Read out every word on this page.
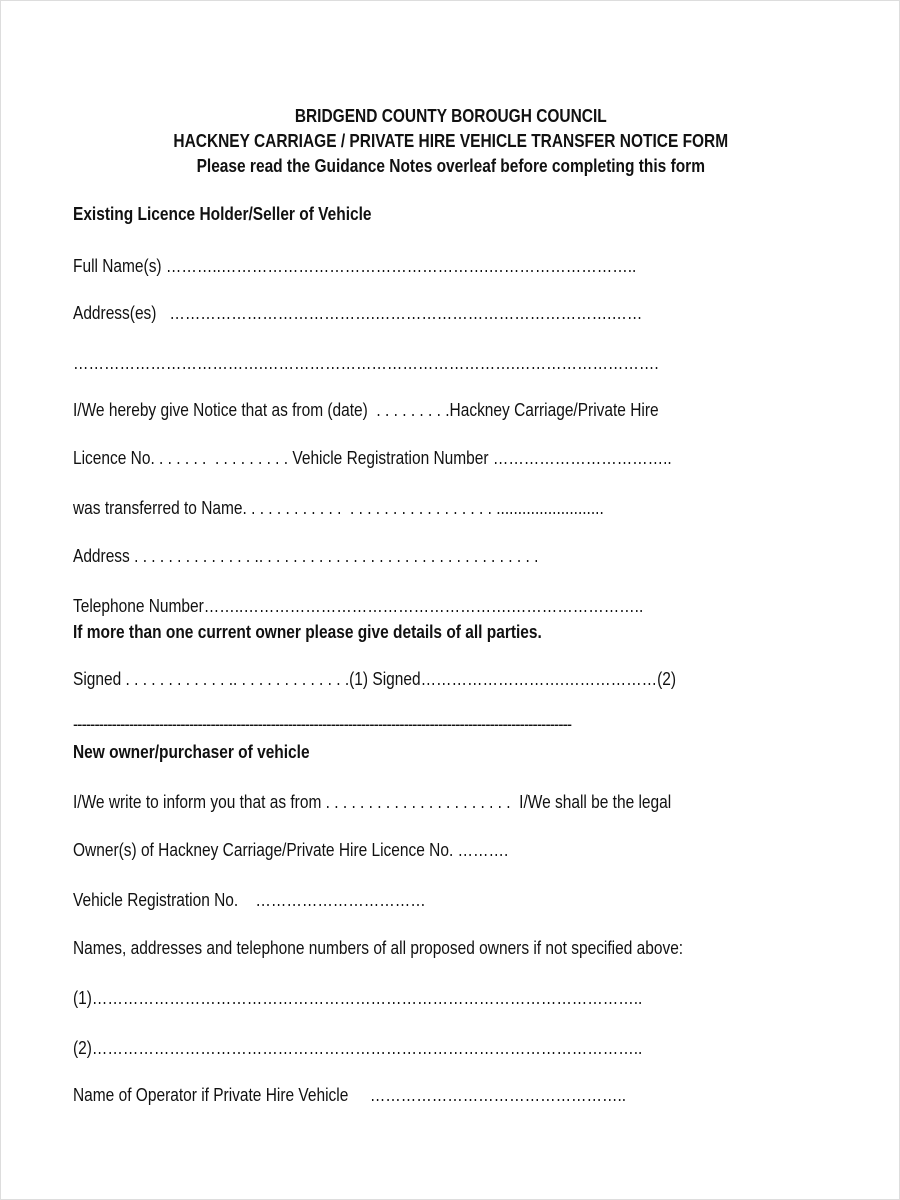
BRIDGEND COUNTY BOROUGH COUNCIL
HACKNEY CARRIAGE / PRIVATE HIRE VEHICLE TRANSFER NOTICE FORM
Please read the Guidance Notes overleaf before completing this form
Existing Licence Holder/Seller of Vehicle
Full Name(s) ………..…………………………………………….………………………..
Address(es)   ………………………………….……………………………………….……
……………………………….………………………………………….……………………….
I/We hereby give Notice that as from (date)  . . . . . . . . .Hackney Carriage/Private Hire
Licence No. . . . . . .  . . . . . . . . . Vehicle Registration Number ……………………………..
was transferred to Name. . . . . . . . . . . .  . . . . . . . . . . . . . . . . . .........................
Address . . . . . . . . . . . . . . .. . . . . . . . . . . . . . . . . . . . . . . . . . . . . . . . .
Telephone Number……..…………………………………………….……………………..
If more than one current owner please give details of all parties.
Signed . . . . . . . . . . . . .. . . . . . . . . . . . . .(1) Signed……………………….………………(2)
--------------------------------------------------------------------------------------------------------------------
New owner/purchaser of vehicle
I/We write to inform you that as from . . . . . . . . . . . . . . . . . . . . . .  I/We shall be the legal
Owner(s) of Hackney Carriage/Private Hire Licence No. ……….
Vehicle Registration No.    ……………………………
Names, addresses and telephone numbers of all proposed owners if not specified above:
(1)……………………………………………………………………………………………..
(2)……………………………………………………………………………………………..
Name of Operator if Private Hire Vehicle     …………………………………………..
